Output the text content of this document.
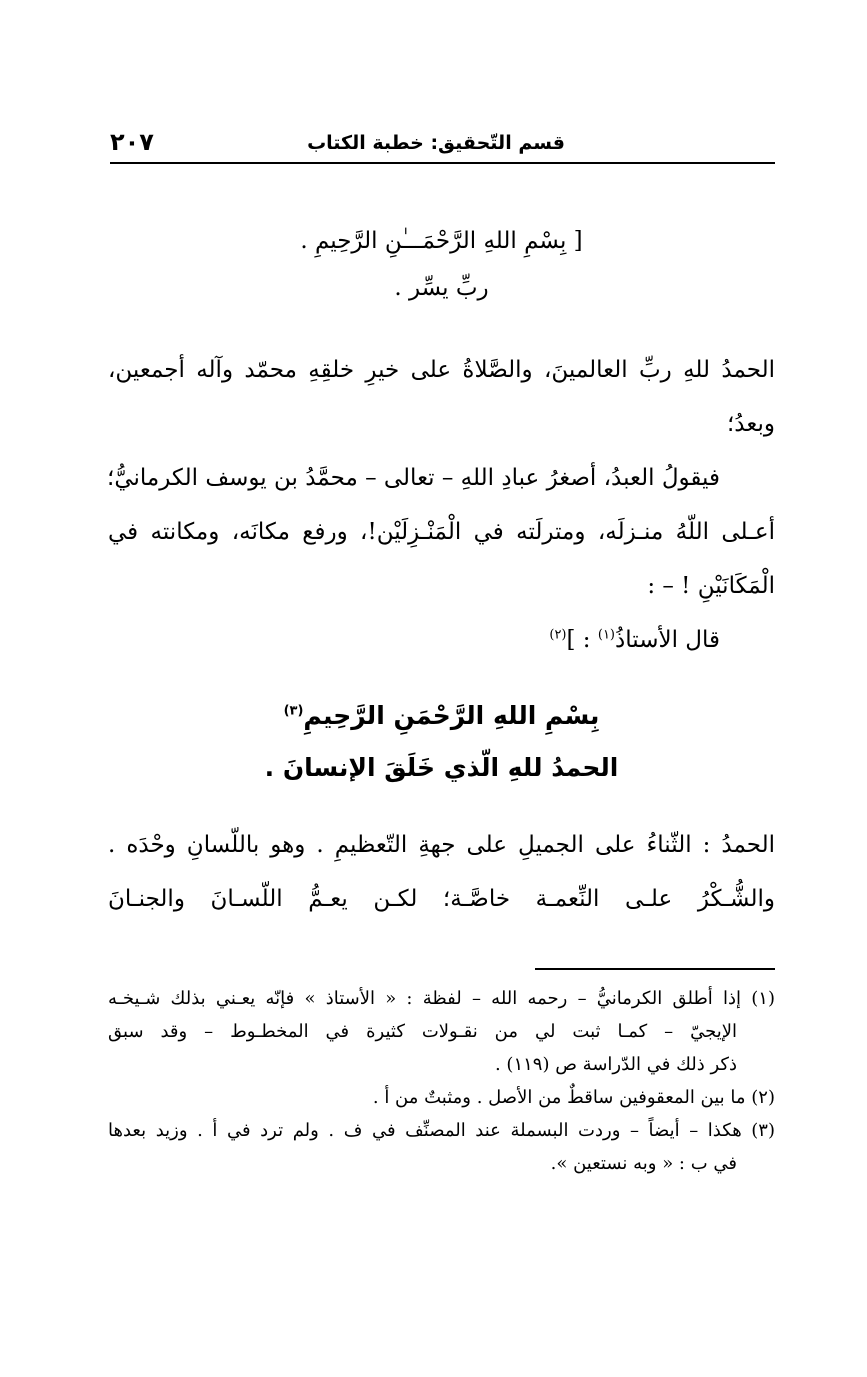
قسم التّحقيق: خطبة الكتاب
٢٠٧
[ بِسْمِ اللهِ الرَّحْمَـــٰنِ الرَّحِيمِ .
ربِّ يسِّر .
الحمدُ للهِ ربِّ العالمينَ، والصَّلاةُ على خيرِ خلقِهِ محمّد وآله أجمعين،
وبعدُ؛
فيقولُ العبدُ، أصغرُ عبادِ اللهِ – تعالى – محمَّدُ بن يوسف الكرمانيُّ؛
أعـلى اللّهُ منـزلَه، ومترلَته في الْمَنْـزِلَيْن!، ورفع مكانَه، ومكانته في
الْمَكَانَيْنِ ! – :
قال الأستاذُ$^{(١)}$ : ]$^{(٢)}$
بِسْمِ اللهِ الرَّحْمَنِ الرَّحِيمِ$^{(٣)}$
الحمدُ للهِ الّذي خَلَقَ الإنسانَ .
الحمدُ : الثّناءُ على الجميلِ على جهةِ التّعظيمِ . وهو باللّسانِ وحْدَه .
والشُّـكْرُ علـى النِّعمـة خاصَّـة؛ لكـن يعـمُّ اللّسـانَ والجنـانَ
(١) إذا أطلق الكرمانيُّ – رحمه الله – لفظة : « الأستاذ » فإنّه يعـني بذلك شـيخـه
الإيجيّ – كمـا ثبت لي من نقـولات كثيرة في المخطـوط – وقد سبق
ذكر ذلك في الدّراسة ص (١١٩) .
(٢) ما بين المعقوفين ساقطٌ من الأصل . ومثبتٌ من أ .
(٣) هكذا – أيضاً – وردت البسملة عند المصنِّف في ف . ولم ترد في أ . وزيد بعدها
في ب : « وبه نستعين ».
